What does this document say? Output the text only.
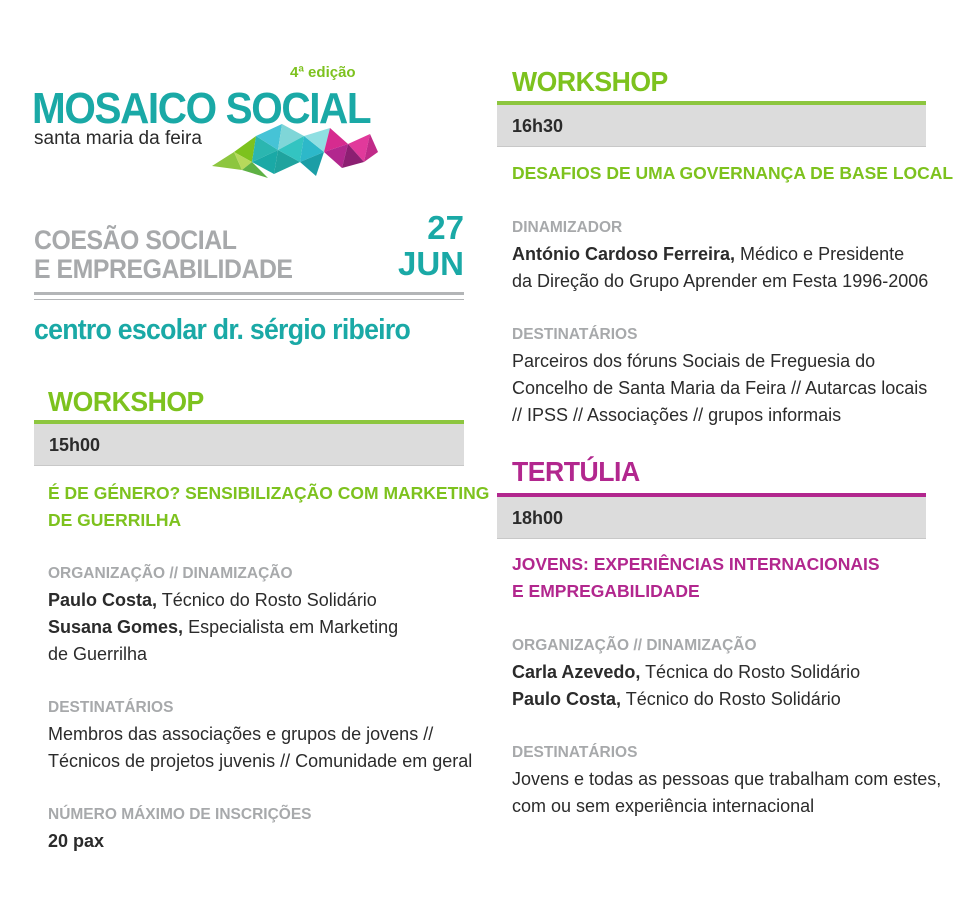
4ª edição
MOSAICO SOCIAL
santa maria da feira
COESÃO SOCIAL
E EMPREGABILIDADE
27
JUN
centro escolar dr. sérgio ribeiro
WORKSHOP
15h00
É DE GÉNERO? SENSIBILIZAÇÃO COM MARKETING
DE GUERRILHA
ORGANIZAÇÃO // DINAMIZAÇÃO
Paulo Costa, Técnico do Rosto Solidário
Susana Gomes, Especialista em Marketing
de Guerrilha
DESTINATÁRIOS
Membros das associações e grupos de jovens //
Técnicos de projetos juvenis // Comunidade em geral
NÚMERO MÁXIMO DE INSCRIÇÕES
20 pax
WORKSHOP
16h30
DESAFIOS DE UMA GOVERNANÇA DE BASE LOCAL
DINAMIZADOR
António Cardoso Ferreira, Médico e Presidente
da Direção do Grupo Aprender em Festa 1996-2006
DESTINATÁRIOS
Parceiros dos fóruns Sociais de Freguesia do
Concelho de Santa Maria da Feira // Autarcas locais
// IPSS // Associações // grupos informais
TERTÚLIA
18h00
JOVENS: EXPERIÊNCIAS INTERNACIONAIS
E EMPREGABILIDADE
ORGANIZAÇÃO // DINAMIZAÇÃO
Carla Azevedo, Técnica do Rosto Solidário
Paulo Costa, Técnico do Rosto Solidário
DESTINATÁRIOS
Jovens e todas as pessoas que trabalham com estes,
com ou sem experiência internacional
